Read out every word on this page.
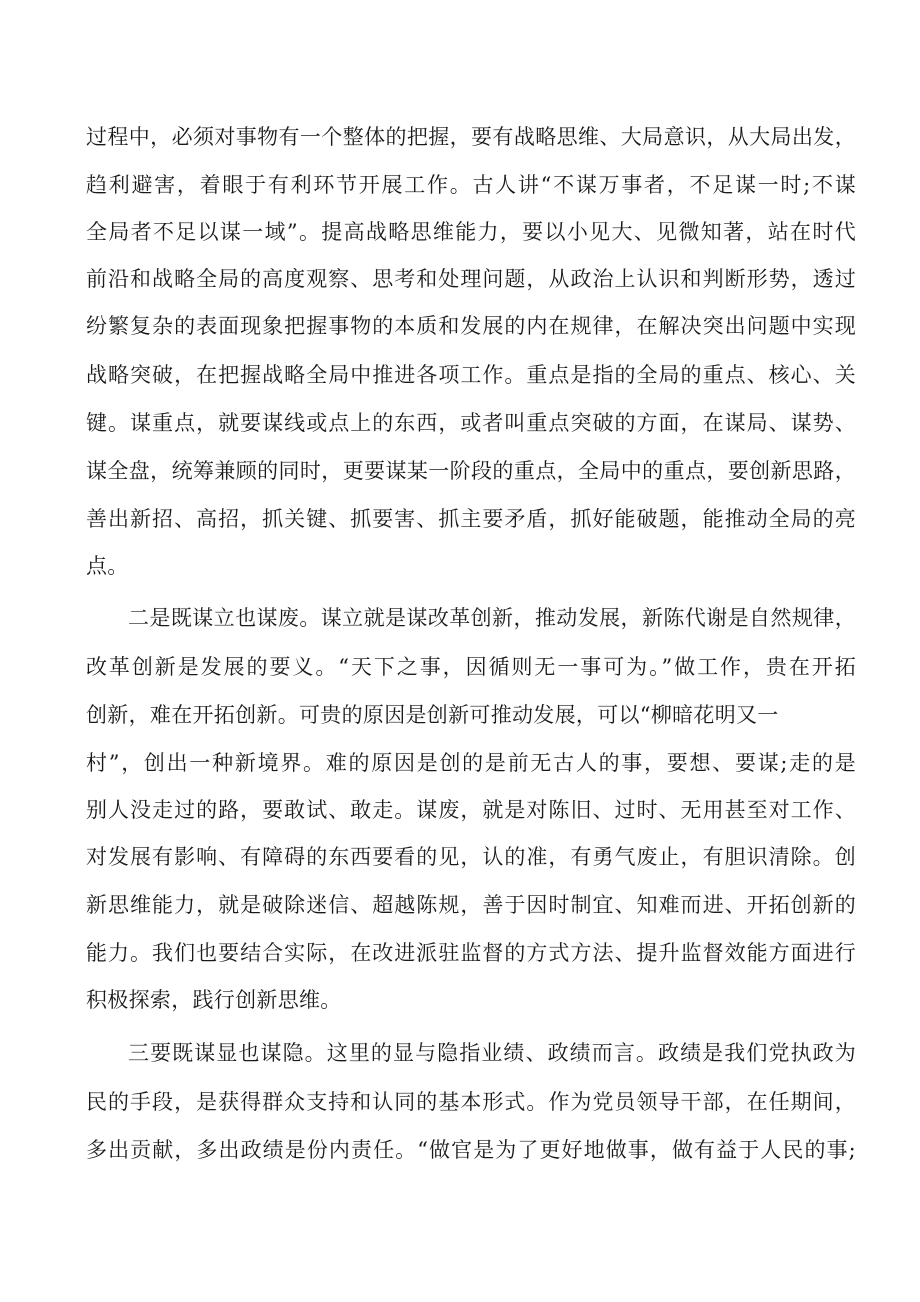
过程中，必须对事物有一个整体的把握，要有战略思维、大局意识，从大局出发，
趋利避害，着眼于有利环节开展工作。古人讲“不谋万事者，不足谋一时;不谋
全局者不足以谋一域”。提高战略思维能力，要以小见大、见微知著，站在时代
前沿和战略全局的高度观察、思考和处理问题，从政治上认识和判断形势，透过
纷繁复杂的表面现象把握事物的本质和发展的内在规律，在解决突出问题中实现
战略突破，在把握战略全局中推进各项工作。重点是指的全局的重点、核心、关
键。谋重点，就要谋线或点上的东西，或者叫重点突破的方面，在谋局、谋势、
谋全盘，统筹兼顾的同时，更要谋某一阶段的重点，全局中的重点，要创新思路，
善出新招、高招，抓关键、抓要害、抓主要矛盾，抓好能破题，能推动全局的亮
点。
二是既谋立也谋废。谋立就是谋改革创新，推动发展，新陈代谢是自然规律，
改革创新是发展的要义。“天下之事，因循则无一事可为。”做工作，贵在开拓
创新，难在开拓创新。可贵的原因是创新可推动发展，可以“柳暗花明又一
村”，创出一种新境界。难的原因是创的是前无古人的事，要想、要谋;走的是
别人没走过的路，要敢试、敢走。谋废，就是对陈旧、过时、无用甚至对工作、
对发展有影响、有障碍的东西要看的见，认的准，有勇气废止，有胆识清除。创
新思维能力，就是破除迷信、超越陈规，善于因时制宜、知难而进、开拓创新的
能力。我们也要结合实际，在改进派驻监督的方式方法、提升监督效能方面进行
积极探索，践行创新思维。
三要既谋显也谋隐。这里的显与隐指业绩、政绩而言。政绩是我们党执政为
民的手段，是获得群众支持和认同的基本形式。作为党员领导干部，在任期间，
多出贡献，多出政绩是份内责任。“做官是为了更好地做事，做有益于人民的事;
